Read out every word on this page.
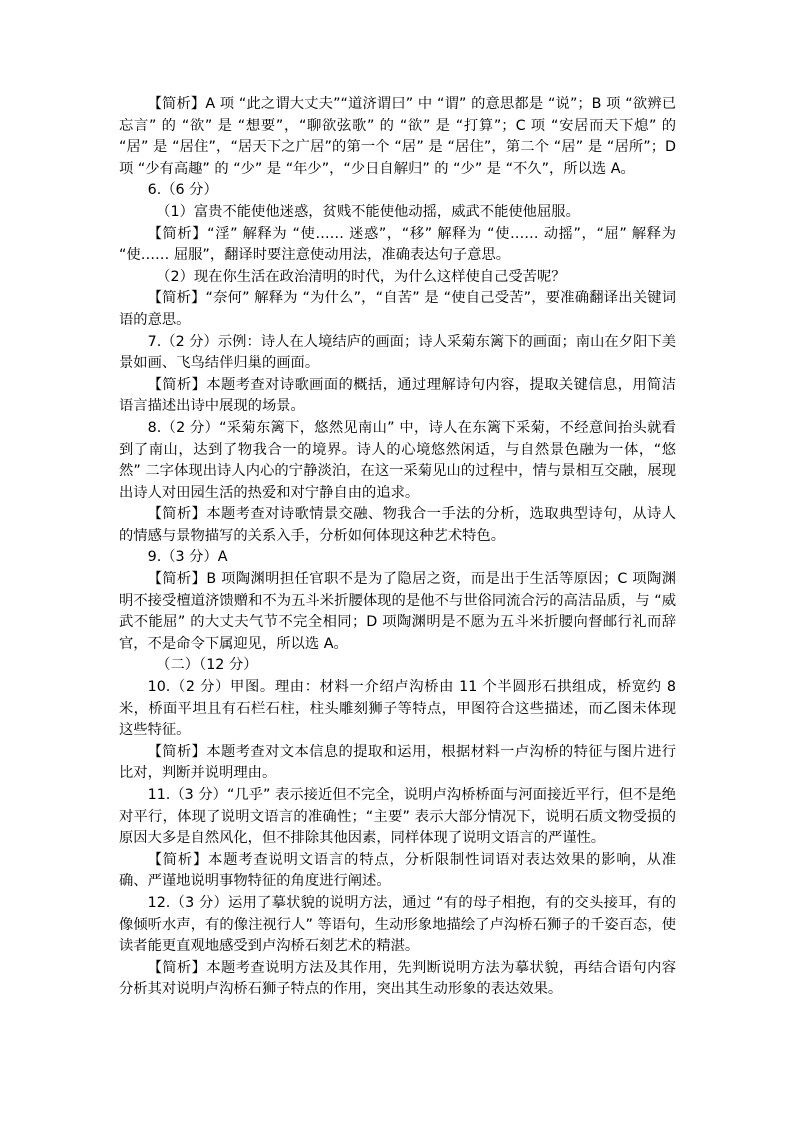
【简析】A 项 “此之谓大丈夫”“道济谓曰” 中 “谓” 的意思都是 “说”；B 项 “欲辨已忘言” 的 “欲” 是 “想要”，“聊欲弦歌” 的 “欲” 是 “打算”；C 项 “安居而天下熄” 的 “居” 是 “居住”，“居天下之广居”的第一个 “居” 是 “居住”，第二个 “居” 是 “居所”；D 项 “少有高趣” 的 “少” 是 “年少”，“少日自解归” 的 “少” 是 “不久”，所以选 A。

6.（6 分）

（1）富贵不能使他迷惑，贫贱不能使他动摇，威武不能使他屈服。

【简析】“淫” 解释为 “使…… 迷惑”，“移” 解释为 “使…… 动摇”，“屈” 解释为 “使…… 屈服”，翻译时要注意使动用法，准确表达句子意思。

（2）现在你生活在政治清明的时代，为什么这样使自己受苦呢？

【简析】“奈何” 解释为 “为什么”，“自苦” 是 “使自己受苦”，要准确翻译出关键词语的意思。

7.（2 分）示例：诗人在人境结庐的画面；诗人采菊东篱下的画面；南山在夕阳下美景如画、飞鸟结伴归巢的画面。

【简析】本题考查对诗歌画面的概括，通过理解诗句内容，提取关键信息，用简洁语言描述出诗中展现的场景。

8.（2 分）“采菊东篱下，悠然见南山” 中，诗人在东篱下采菊，不经意间抬头就看到了南山，达到了物我合一的境界。诗人的心境悠然闲适，与自然景色融为一体，“悠然” 二字体现出诗人内心的宁静淡泊，在这一采菊见山的过程中，情与景相互交融，展现出诗人对田园生活的热爱和对宁静自由的追求。

【简析】本题考查对诗歌情景交融、物我合一手法的分析，选取典型诗句，从诗人的情感与景物描写的关系入手，分析如何体现这种艺术特色。

9.（3 分）A

【简析】B 项陶渊明担任官职不是为了隐居之资，而是出于生活等原因；C 项陶渊明不接受檀道济馈赠和不为五斗米折腰体现的是他不与世俗同流合污的高洁品质，与 “威武不能屈” 的大丈夫气节不完全相同；D 项陶渊明是不愿为五斗米折腰向督邮行礼而辞官，不是命令下属迎见，所以选 A。

（二）（12 分）

10.（2 分）甲图。理由：材料一介绍卢沟桥由 11 个半圆形石拱组成，桥宽约 8 米，桥面平坦且有石栏石柱，柱头雕刻狮子等特点，甲图符合这些描述，而乙图未体现这些特征。

【简析】本题考查对文本信息的提取和运用，根据材料一卢沟桥的特征与图片进行比对，判断并说明理由。

11.（3 分）“几乎” 表示接近但不完全，说明卢沟桥桥面与河面接近平行，但不是绝对平行，体现了说明文语言的准确性；“主要” 表示大部分情况下，说明石质文物受损的原因大多是自然风化，但不排除其他因素，同样体现了说明文语言的严谨性。

【简析】本题考查说明文语言的特点，分析限制性词语对表达效果的影响，从准确、严谨地说明事物特征的角度进行阐述。

12.（3 分）运用了摹状貌的说明方法，通过 “有的母子相抱，有的交头接耳，有的像倾听水声，有的像注视行人” 等语句，生动形象地描绘了卢沟桥石狮子的千姿百态，使读者能更直观地感受到卢沟桥石刻艺术的精湛。

【简析】本题考查说明方法及其作用，先判断说明方法为摹状貌，再结合语句内容分析其对说明卢沟桥石狮子特点的作用，突出其生动形象的表达效果。
